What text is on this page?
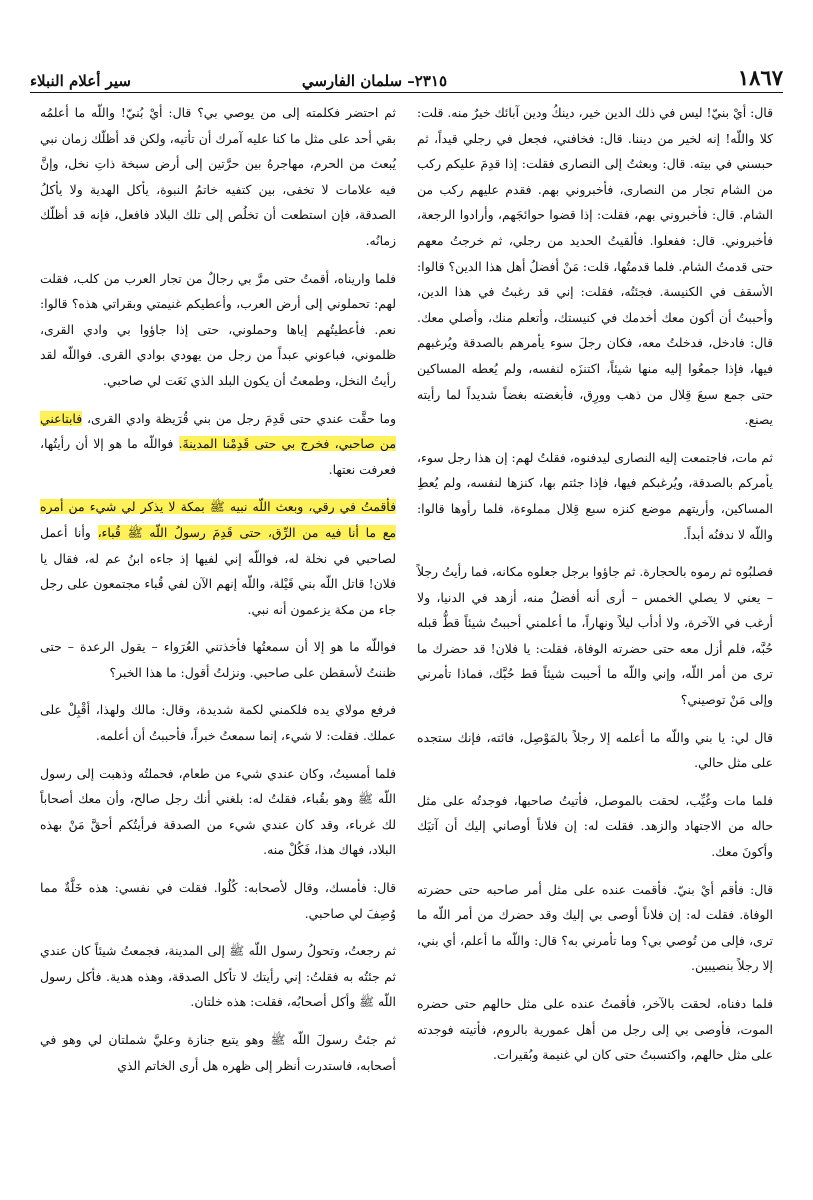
١٨٦٧
٢٣١٥– سلمان الفارسي
سير أعلام النبلاء

قال: أيْ بنيّ! ليس في ذلك الدين خير، دينكُ ودين آبائك خيرٌ منه. قلت: كلا واللّه! إنه لخير من ديننا. قال: فخافني، فجعل في رجلي قيداً، ثم حبسني في بيته. قال: وبعثتُ إلى النصارى فقلت: إذا قدِمَ عليكم ركب من الشام تجار من النصارى، فأخبروني بهم. فقدم عليهم ركب من الشام. قال: فأخبروني بهم، فقلت: إذا قضوا حوائجَهم، وأرادوا الرجعة، فأخبروني. قال: ففعلوا. فألقيتُ الحديد من رجلي، ثم خرجتُ معهم حتى قدمتُ الشام. فلما قدمتُها، قلت: مَنْ أفضلُ أهل هذا الدين؟ قالوا: الأسقف في الكنيسة. فجئتُه، فقلت: إني قد رغبتُ في هذا الدين، وأحببتُ أن أكون معك أخدمك في كنيستك، وأتعلم منك، وأصلي معك. قال: فادخل، فدخلتُ معه، فكان رجلَ سوء يأمرهم بالصدقة ويُرغبهم فيها، فإذا جمعُوا إليه منها شيئاً، اكتنزَه لنفسه، ولم يُعطه المساكين حتى جمع سبعَ قِلال من ذهب وورِق، فأبغضته بغضاً شديداً لما رأيته يصنع.

ثم مات، فاجتمعت إليه النصارى ليدفنوه، فقلتُ لهم: إن هذا رجل سوء، يأمركم بالصدقة، ويُرغبكم فيها، فإذا جئتم بها، كنزها لنفسه، ولم يُعطِ المساكين، وأريتهم موضع كنزه سبع قِلال مملوءة، فلما رأوها قالوا: واللّه لا ندفنُه أبداً.

فصلبُوه ثم رموه بالحجارة. ثم جاؤوا برجل جعلوه مكانه، فما رأيتُ رجلاً – يعني لا يصلي الخمس – أرى أنه أفضلُ منه، أزهد في الدنيا، ولا أرغب في الآخرة، ولا أدأب ليلاً ونهاراً، ما أعلمني أحببتُ شيئاً قطُّ قبله حُبَّه، فلم أزل معه حتى حضرته الوفاة، فقلت: يا فلان! قد حضرك ما ترى من أمر اللّه، وإني واللّه ما أحببت شيئاً قط حُبَّك، فماذا تأمرني وإلى مَنْ توصيني؟

قال لي: يا بني واللّه ما أعلمه إلا رجلاً بالمَوْصِل، فائته، فإنك ستجده على مثل حالي.

فلما مات وغُيِّب، لحقت بالموصل، فأتيتُ صاحبها، فوجدتُه على مثل حاله من الاجتهاد والزهد. فقلت له: إن فلاناً أوصاني إليك أن آتيَك وأكونَ معك.

قال: فأقم أيْ بنيّ. فأقمت عنده على مثل أمر صاحبه حتى حضرته الوفاة. فقلت له: إن فلاناً أوصى بي إليك وقد حضرك من أمر اللّه ما ترى، فإلى من تُوصي بي؟ وما تأمرني به؟ قال: واللّه ما أعلم، أي بني، إلا رجلاً بنصيبين.

فلما دفناه، لحقت بالآخر، فأقمتُ عنده على مثل حالهم حتى حضره الموت، فأوصى بي إلى رجل من أهل عمورية بالروم، فأتيته فوجدته على مثل حالهم، واكتسبتُ حتى كان لي غنيمة وبُقيرات.

ثم احتضر فكلمته إلى من يوصي بي؟ قال: أيْ بُنيّ! واللّه ما أعلمُه بقي أحد على مثل ما كنا عليه آمرك أن تأتيه، ولكن قد أظلّك زمان نبي يُبعث من الحرم، مهاجرهُ بين حرَّتين إلى أرض سبخة ذاتِ نخل، وإنَّ فيه علامات لا تخفى، بين كتفيه خاتمُ النبوة، يأكل الهدية ولا يأكلُ الصدقة، فإن استطعت أن تخلُص إلى تلك البلاد فافعل، فإنه قد أظلّك زمانُه.

فلما واريناه، أقمتُ حتى مرَّ بي رجالٌ من تجار العرب من كلب، فقلت لهم: تحملوني إلى أرض العرب، وأعطيكم غنيمتي وبقراتي هذه؟ قالوا: نعم. فأعطيتُهم إياها وحملوني، حتى إذا جاؤوا بي وادي القرى، ظلموني، فباعوني عبداً من رجل من يهودي بوادي القرى. فواللّه لقد رأيتُ النخل، وطمعتُ أن يكون البلد الذي نَعَت لي صاحبي.

وما حقَّت عندي حتى قَدِمَ رجل من بني قُرَيظة وادي القرى، فابتاعني من صاحبي، فخرج بي حتى قَدِمْنا المدينةَ. فواللّه ما هو إلا أن رأيتُها، فعرفت نعتها.

فأقمتُ في رقي، وبعث اللّه نبيه ﷺ بمكة لا يذكر لي شيء من أمره مع ما أنا فيه من الرِّق، حتى قَدِمَ رسولُ اللّه ﷺ قُباء، وأنا أعمل لصاحبي في نخلة له، فواللّه إني لفيها إذ جاءه ابنُ عم له، فقال يا فلان! قاتل اللّه بني قَيْلة، واللّه إنهم الآن لفي قُباء مجتمعون على رجل جاء من مكة يزعمون أنه نبي.

فواللّه ما هو إلا أن سمعتُها فأخذتني العُرَواء – يقول الرعدة – حتى ظننتُ لأسقطن على صاحبي. ونزلتُ أقول: ما هذا الخبر؟

فرفع مولاي يده فلكمني لكمة شديدة، وقال: مالك ولهذا، أقْبِلْ على عملك. فقلت: لا شيء، إنما سمعتُ خبراً، فأحببتُ أن أعلمه.

فلما أمسيتُ، وكان عندي شيء من طعام، فحملتُه وذهبت إلى رسول اللّه ﷺ وهو بقُباء، فقلتُ له: بلغني أنك رجل صالح، وأن معك أصحاباً لك غرباء، وقد كان عندي شيء من الصدقة فرأيتُكم أحقَّ مَنْ بهذه البلاد، فهاك هذا، فَكُلْ منه.

قال: فأمسك، وقال لأصحابه: كُلُوا. فقلت في نفسي: هذه خَلَّةٌ مما وُصِفَ لي صاحبي.

ثم رجعتُ، وتحولُ رسول اللّه ﷺ إلى المدينة، فجمعتُ شيئاً كان عندي ثم جئتُه به فقلتُ: إني رأيتك لا تأكل الصدقة، وهذه هدية. فأكل رسول اللّه ﷺ وأكل أصحابُه، فقلت: هذه خلتان.

ثم جئتُ رسولَ اللّه ﷺ وهو يتبع جنازة وعليَّ شملتان لي وهو في أصحابه، فاستدرت أنظر إلى ظهره هل أرى الخاتم الذي
